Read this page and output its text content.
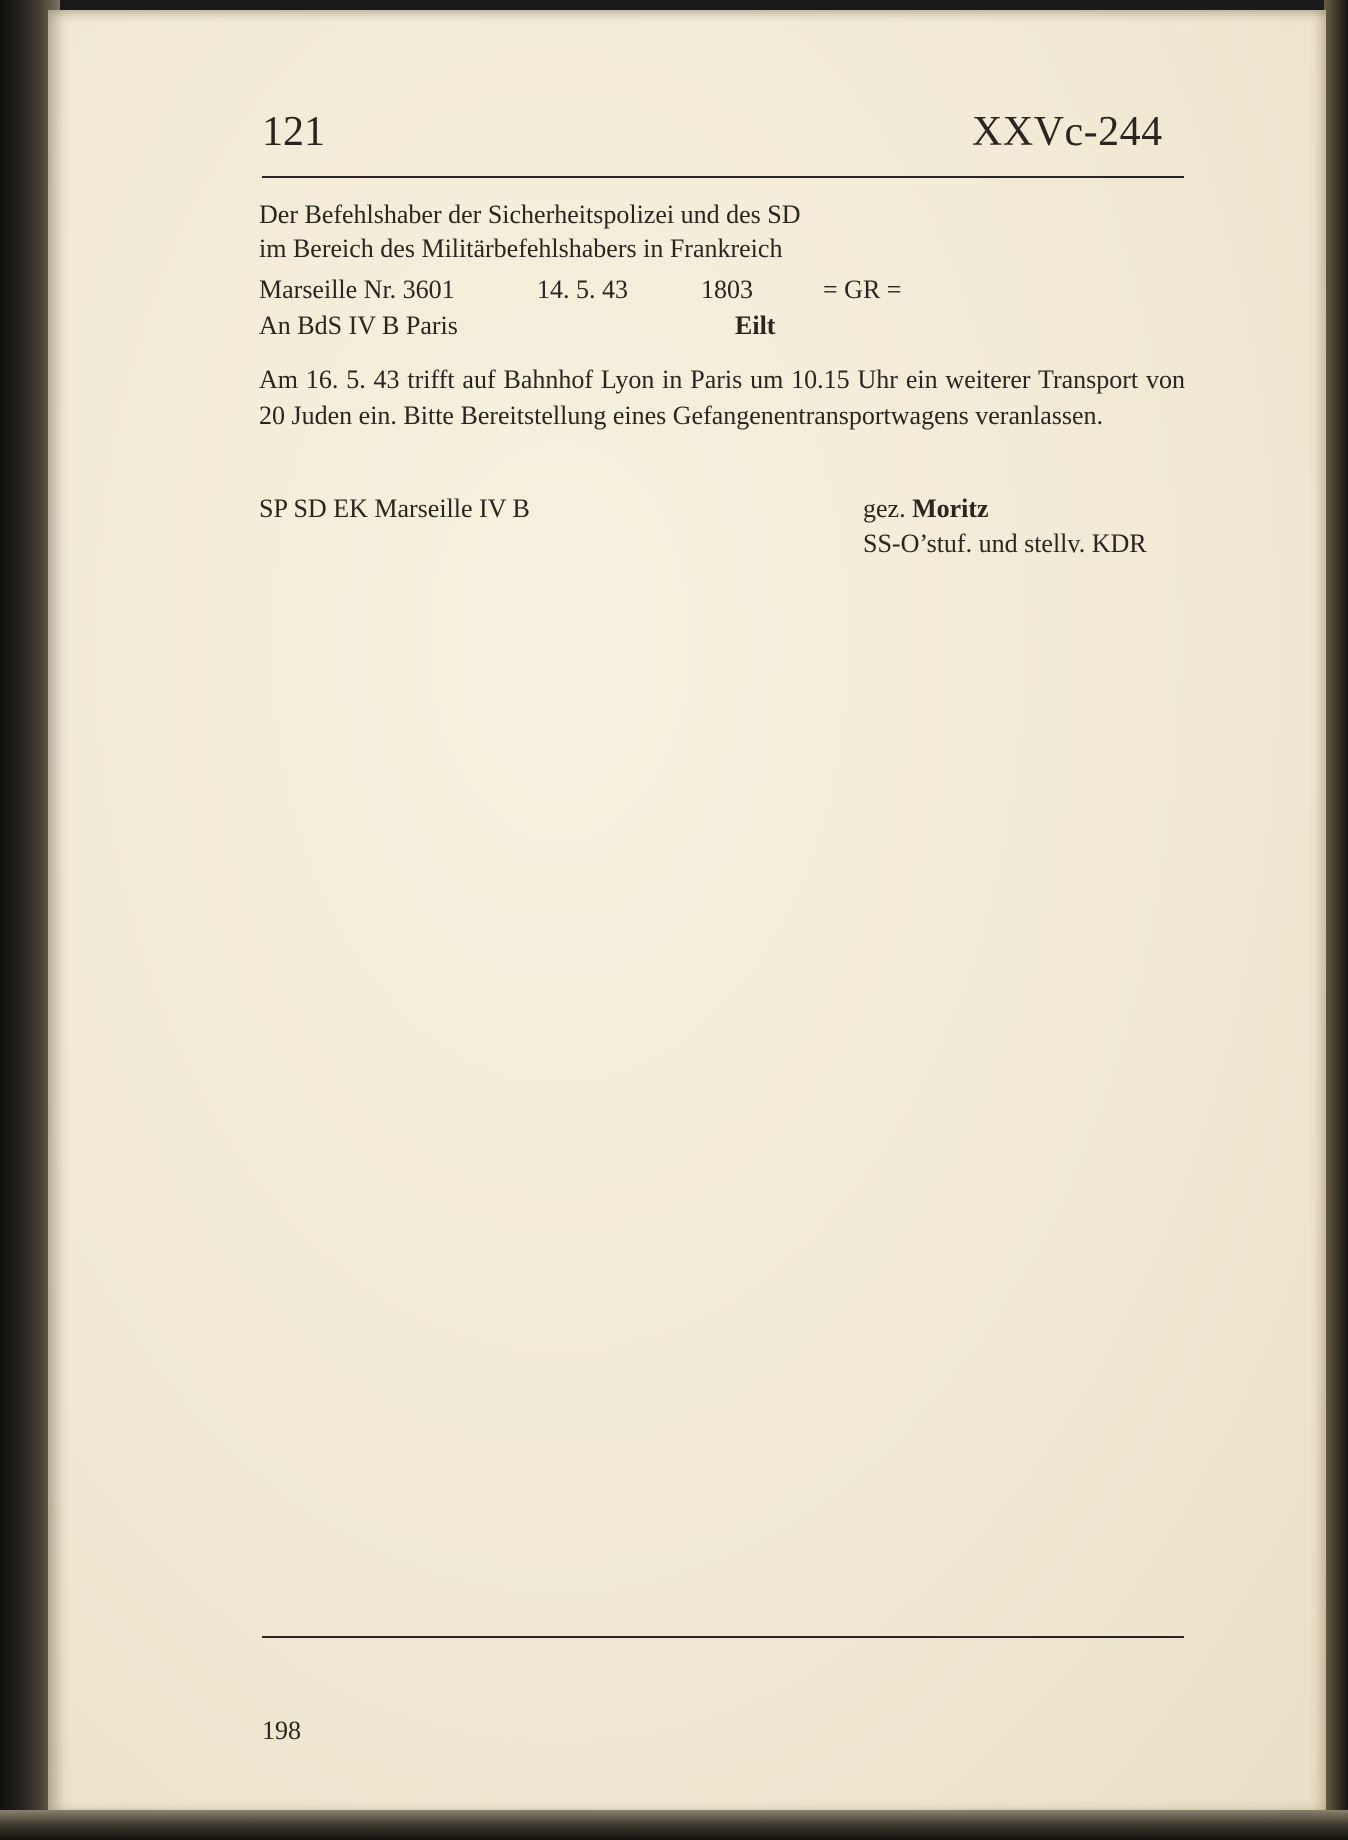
121	XXVc-244
Der Befehlshaber der Sicherheitspolizei und des SD
im Bereich des Militärbefehlshabers in Frankreich
Marseille Nr. 3601	14. 5. 43	1803	= GR =
An BdS IV B Paris	Eilt
Am 16. 5. 43 trifft auf Bahnhof Lyon in Paris um 10.15 Uhr ein weiterer Transport von 20 Juden ein. Bitte Bereitstellung eines Gefangenentransportwagens veranlassen.
SP SD EK Marseille IV B	gez. Moritz
SS-O’stuf. und stellv. KDR
198
